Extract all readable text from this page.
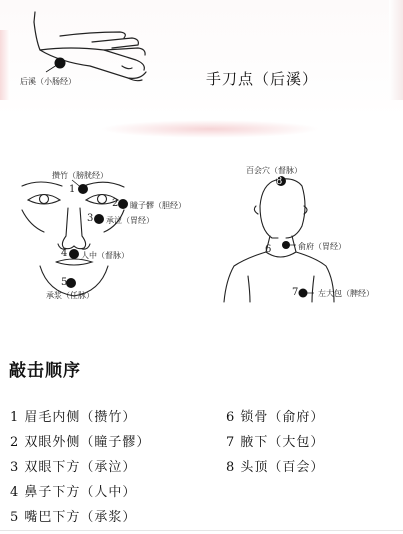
后溪（小肠经）	手刀点（后溪）
攒竹（膀胱经）
1
2 瞳子髎（胆经）
3 承泣（胃经）
4 人中（督脉）
5
承浆（任脉）
百会穴（督脉）
8
6	俞府（胃经）
7 左大包（脾经）
敲击顺序
1 眉毛内侧（攒竹）
2 双眼外侧（瞳子髎）
3 双眼下方（承泣）
4 鼻子下方（人中）
5 嘴巴下方（承浆）
6 锁骨（俞府）
7 腋下（大包）
8 头顶（百会）
